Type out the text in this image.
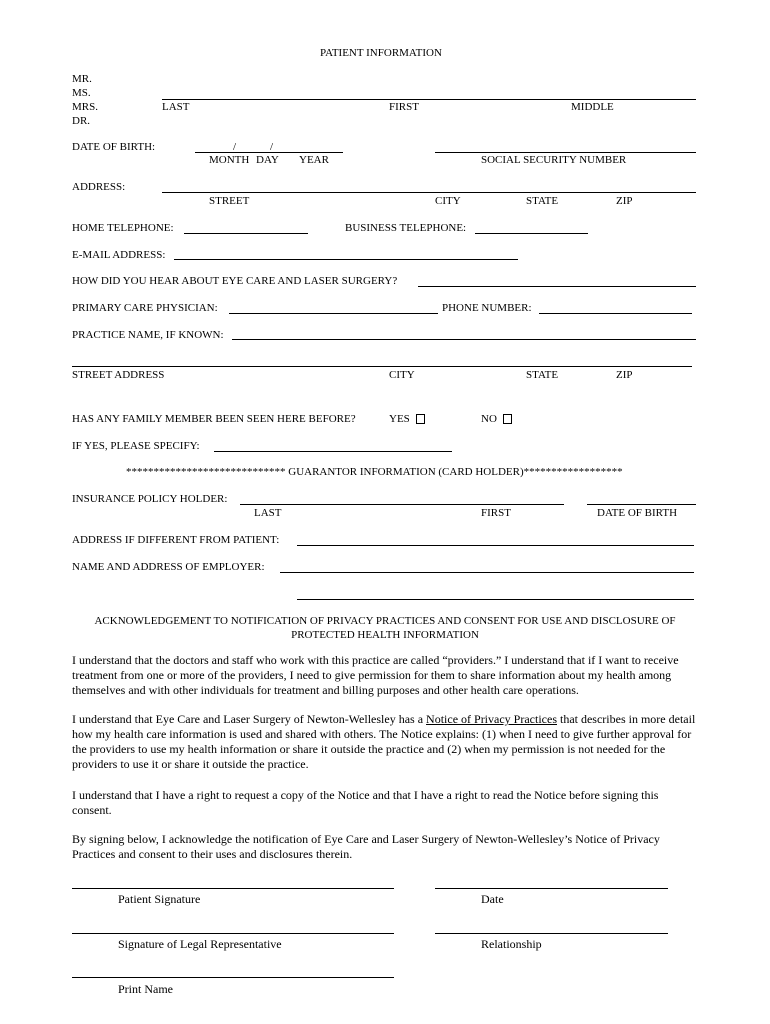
PATIENT INFORMATION
MR.
MS.
MRS.
DR.
LAST	FIRST	MIDDLE
DATE OF BIRTH:	/	/
MONTH DAY YEAR	SOCIAL SECURITY NUMBER
ADDRESS:
STREET	CITY	STATE	ZIP
HOME TELEPHONE:	BUSINESS TELEPHONE:
E-MAIL ADDRESS:
HOW DID YOU HEAR ABOUT EYE CARE AND LASER SURGERY?
PRIMARY CARE PHYSICIAN:	PHONE NUMBER:
PRACTICE NAME, IF KNOWN:
STREET ADDRESS	CITY	STATE	ZIP
HAS ANY FAMILY MEMBER BEEN SEEN HERE BEFORE?	YES	NO
IF YES, PLEASE SPECIFY:
***************************** GUARANTOR INFORMATION (CARD HOLDER)******************
INSURANCE POLICY HOLDER:
LAST	FIRST	DATE OF BIRTH
ADDRESS IF DIFFERENT FROM PATIENT:
NAME AND ADDRESS OF EMPLOYER:
ACKNOWLEDGEMENT TO NOTIFICATION OF PRIVACY PRACTICES AND CONSENT FOR USE AND DISCLOSURE OF
PROTECTED HEALTH INFORMATION
I understand that the doctors and staff who work with this practice are called “providers.” I understand that if I want to receive treatment from one or more of the providers, I need to give permission for them to share information about my health among themselves and with other individuals for treatment and billing purposes and other health care operations.
I understand that Eye Care and Laser Surgery of Newton-Wellesley has a Notice of Privacy Practices that describes in more detail how my health care information is used and shared with others. The Notice explains: (1) when I need to give further approval for the providers to use my health information or share it outside the practice and (2) when my permission is not needed for the providers to use it or share it outside the practice.
I understand that I have a right to request a copy of the Notice and that I have a right to read the Notice before signing this consent.
By signing below, I acknowledge the notification of Eye Care and Laser Surgery of Newton-Wellesley’s Notice of Privacy Practices and consent to their uses and disclosures therein.
Patient Signature	Date
Signature of Legal Representative	Relationship
Print Name
